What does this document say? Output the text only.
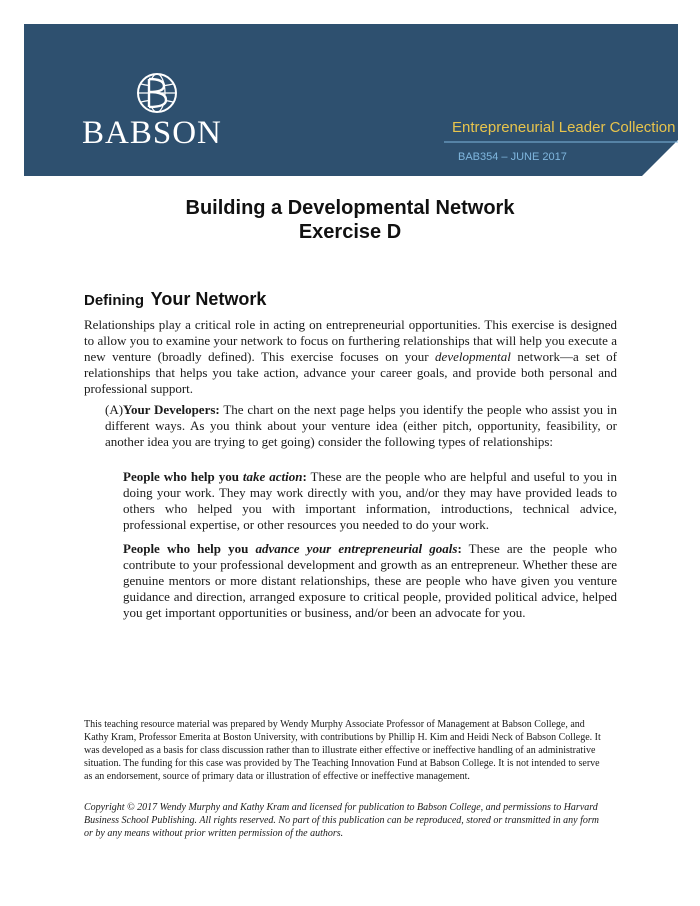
BABSON	Entrepreneurial Leader Collection

BAB354 – JUNE 2017

Building a Developmental Network
Exercise D
Defining Your Network

Relationships play a critical role in acting on entrepreneurial opportunities. This exercise is designed to allow you to examine your network to focus on furthering relationships that will help you execute a new venture (broadly defined). This exercise focuses on your developmental network—a set of relationships that helps you take action, advance your career goals, and provide both personal and professional support.

(A)Your Developers: The chart on the next page helps you identify the people who assist you in different ways. As you think about your venture idea (either pitch, opportunity, feasibility, or another idea you are trying to get going) consider the following types of relationships:

People who help you take action: These are the people who are helpful and useful to you in doing your work. They may work directly with you, and/or they may have provided leads to others who helped you with important information, introductions, technical advice, professional expertise, or other resources you needed to do your work.

People who help you advance your entrepreneurial goals: These are the people who contribute to your professional development and growth as an entrepreneur. Whether these are genuine mentors or more distant relationships, these are people who have given you venture guidance and direction, arranged exposure to critical people, provided political advice, helped you get important opportunities or business, and/or been an advocate for you.

This teaching resource material was prepared by Wendy Murphy Associate Professor of Management at Babson College, and Kathy Kram, Professor Emerita at Boston University, with contributions by Phillip H. Kim and Heidi Neck of Babson College. It was developed as a basis for class discussion rather than to illustrate either effective or ineffective handling of an administrative situation. The funding for this case was provided by The Teaching Innovation Fund at Babson College. It is not intended to serve as an endorsement, source of primary data or illustration of effective or ineffective management.

Copyright © 2017 Wendy Murphy and Kathy Kram and licensed for publication to Babson College, and permissions to Harvard Business School Publishing. All rights reserved. No part of this publication can be reproduced, stored or transmitted in any form or by any means without prior written permission of the authors.
